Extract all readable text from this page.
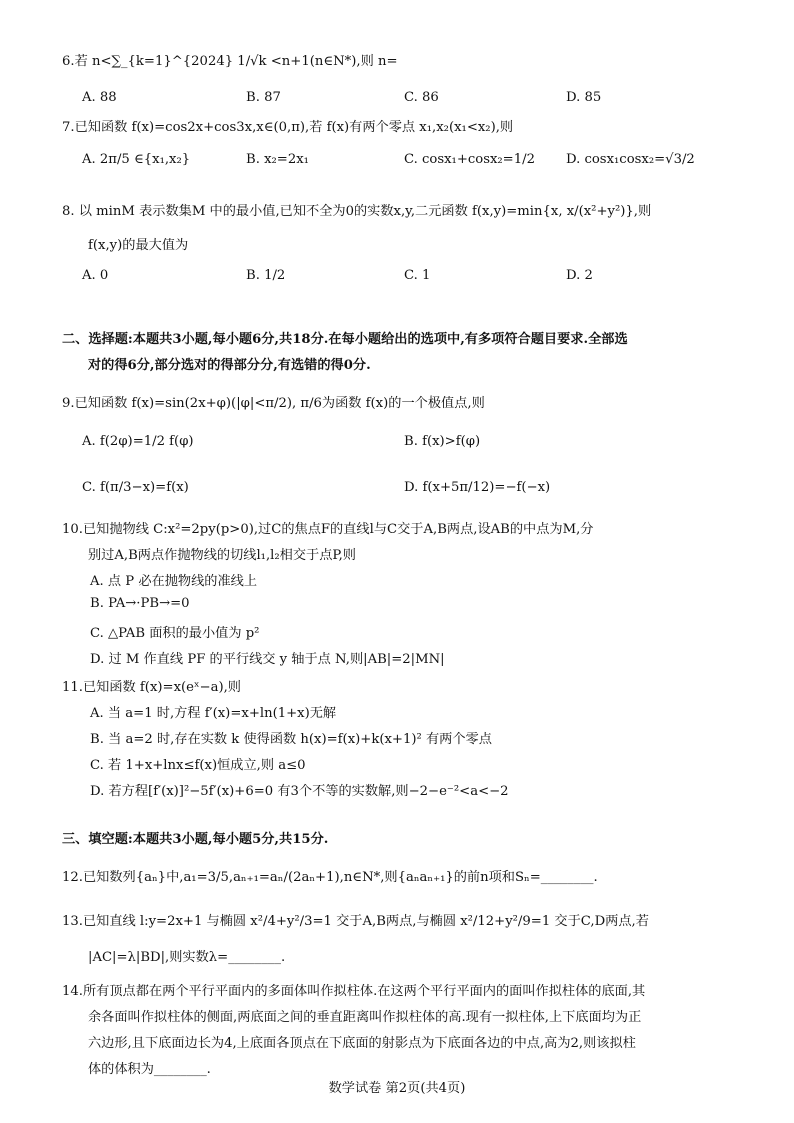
6.若 n<∑_{k=1}^{2024} 1/√k <n+1(n∈N*),则 n=
A. 88	B. 87	C. 86	D. 85
7.已知函数 f(x)=cos2x+cos3x,x∈(0,π),若 f(x)有两个零点 x₁,x₂(x₁<x₂),则
A. 2π/5 ∈{x₁,x₂}	B. x₂=2x₁	C. cosx₁+cosx₂=1/2 D. cosx₁cosx₂=√3/2
8. 以 minM 表示数集M 中的最小值,已知不全为0的实数x,y,二元函数 f(x,y)=min{x, x/(x²+y²)},则
f(x,y)的最大值为
A. 0	B. 1/2	C. 1	D. 2
二、选择题:本题共3小题,每小题6分,共18分.在每小题给出的选项中,有多项符合题目要求.全部选
对的得6分,部分选对的得部分分,有选错的得0分.
9.已知函数 f(x)=sin(2x+φ)(|φ|<π/2), π/6为函数 f(x)的一个极值点,则
A. f(2φ)=1/2 f(φ)	B. f(x)>f(φ)
C. f(π/3−x)=f(x)	D. f(x+5π/12)=−f(−x)
10.已知抛物线 C:x²=2py(p>0),过C的焦点F的直线l与C交于A,B两点,设AB的中点为M,分
别过A,B两点作抛物线的切线l₁,l₂相交于点P,则
A. 点 P 必在抛物线的准线上
B. PA→·PB→=0
C. △PAB 面积的最小值为 p²
D. 过 M 作直线 PF 的平行线交 y 轴于点 N,则|AB|=2|MN|
11.已知函数 f(x)=x(eˣ−a),则
A. 当 a=1 时,方程 f′(x)=x+ln(1+x)无解
B. 当 a=2 时,存在实数 k 使得函数 h(x)=f(x)+k(x+1)² 有两个零点
C. 若 1+x+lnx≤f(x)恒成立,则 a≤0
D. 若方程[f′(x)]²−5f′(x)+6=0 有3个不等的实数解,则−2−e⁻²<a<−2
三、填空题:本题共3小题,每小题5分,共15分.
12.已知数列{aₙ}中,a₁=3/5,aₙ₊₁=aₙ/(2aₙ+1),n∈N*,则{aₙaₙ₊₁}的前n项和Sₙ=________.
13.已知直线 l:y=2x+1 与椭圆 x²/4+y²/3=1 交于A,B两点,与椭圆 x²/12+y²/9=1 交于C,D两点,若
|AC|=λ|BD|,则实数λ=________.
14.所有顶点都在两个平行平面内的多面体叫作拟柱体.在这两个平行平面内的面叫作拟柱体的底面,其
余各面叫作拟柱体的侧面,两底面之间的垂直距离叫作拟柱体的高.现有一拟柱体,上下底面均为正
六边形,且下底面边长为4,上底面各顶点在下底面的射影点为下底面各边的中点,高为2,则该拟柱
体的体积为________.
数学试卷 第2页(共4页)
